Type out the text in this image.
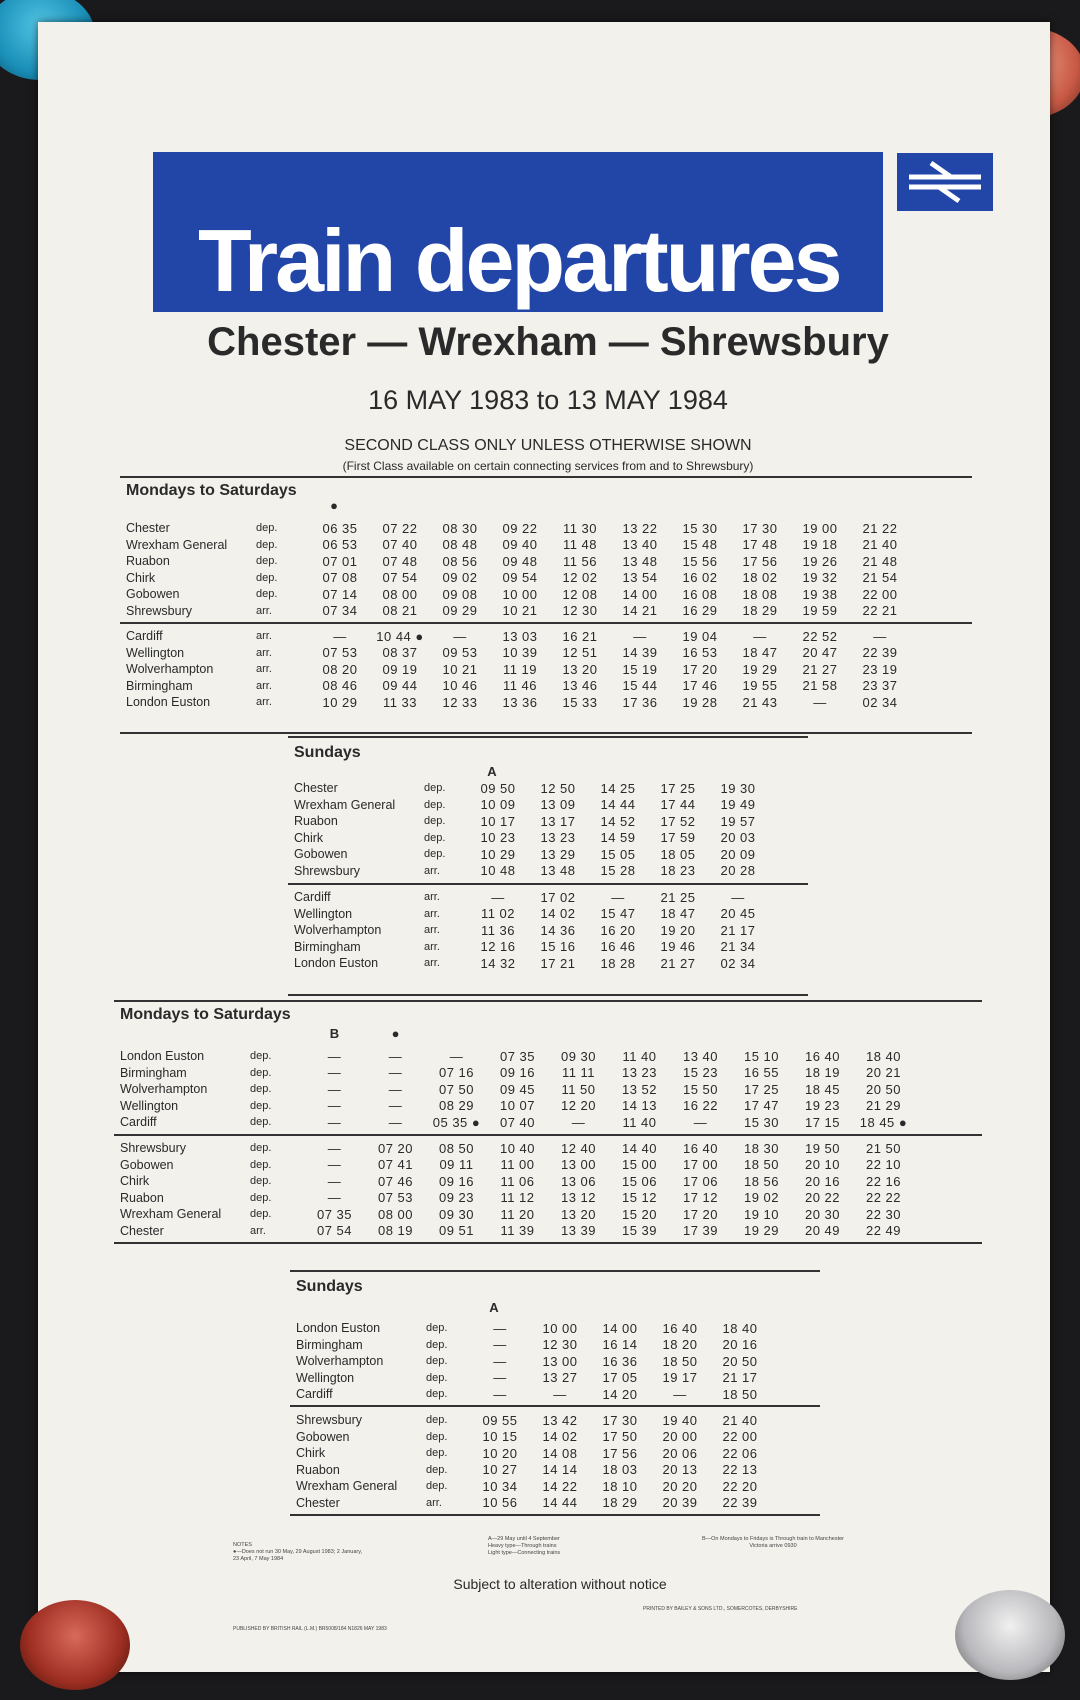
Train departures
Chester — Wrexham — Shrewsbury
16 MAY 1983 to 13 MAY 1984
SECOND CLASS ONLY UNLESS OTHERWISE SHOWN
(First Class available on certain connecting services from and to Shrewsbury)
Mondays to Saturdays
●
Chester	dep.	06 35	07 22	08 30	09 22	11 30	13 22	15 30	17 30	19 00	21 22
Wrexham General	dep.	06 53	07 40	08 48	09 40	11 48	13 40	15 48	17 48	19 18	21 40
Ruabon	dep.	07 01	07 48	08 56	09 48	11 56	13 48	15 56	17 56	19 26	21 48
Chirk	dep.	07 08	07 54	09 02	09 54	12 02	13 54	16 02	18 02	19 32	21 54
Gobowen	dep.	07 14	08 00	09 08	10 00	12 08	14 00	16 08	18 08	19 38	22 00
Shrewsbury	arr.	07 34	08 21	09 29	10 21	12 30	14 21	16 29	18 29	19 59	22 21
Cardiff	arr.	—	10 44 ●	—	13 03	16 21	—	19 04	—	22 52	—
Wellington	arr.	07 53	08 37	09 53	10 39	12 51	14 39	16 53	18 47	20 47	22 39
Wolverhampton	arr.	08 20	09 19	10 21	11 19	13 20	15 19	17 20	19 29	21 27	23 19
Birmingham	arr.	08 46	09 44	10 46	11 46	13 46	15 44	17 46	19 55	21 58	23 37
London Euston	arr.	10 29	11 33	12 33	13 36	15 33	17 36	19 28	21 43	—	02 34
Sundays
A
Chester	dep.	09 50	12 50	14 25	17 25	19 30
Wrexham General	dep.	10 09	13 09	14 44	17 44	19 49
Ruabon	dep.	10 17	13 17	14 52	17 52	19 57
Chirk	dep.	10 23	13 23	14 59	17 59	20 03
Gobowen	dep.	10 29	13 29	15 05	18 05	20 09
Shrewsbury	arr.	10 48	13 48	15 28	18 23	20 28
Cardiff	arr.	—	17 02	—	21 25	—
Wellington	arr.	11 02	14 02	15 47	18 47	20 45
Wolverhampton	arr.	11 36	14 36	16 20	19 20	21 17
Birmingham	arr.	12 16	15 16	16 46	19 46	21 34
London Euston	arr.	14 32	17 21	18 28	21 27	02 34
Mondays to Saturdays
B	●
London Euston	dep.	—	—	—	07 35	09 30	11 40	13 40	15 10	16 40	18 40
Birmingham	dep.	—	—	07 16	09 16	11 11	13 23	15 23	16 55	18 19	20 21
Wolverhampton	dep.	—	—	07 50	09 45	11 50	13 52	15 50	17 25	18 45	20 50
Wellington	dep.	—	—	08 29	10 07	12 20	14 13	16 22	17 47	19 23	21 29
Cardiff	dep.	—	—	05 35 ●	07 40	—	11 40	—	15 30	17 15	18 45 ●
Shrewsbury	dep.	—	07 20	08 50	10 40	12 40	14 40	16 40	18 30	19 50	21 50
Gobowen	dep.	—	07 41	09 11	11 00	13 00	15 00	17 00	18 50	20 10	22 10
Chirk	dep.	—	07 46	09 16	11 06	13 06	15 06	17 06	18 56	20 16	22 16
Ruabon	dep.	—	07 53	09 23	11 12	13 12	15 12	17 12	19 02	20 22	22 22
Wrexham General	dep.	07 35	08 00	09 30	11 20	13 20	15 20	17 20	19 10	20 30	22 30
Chester	arr.	07 54	08 19	09 51	11 39	13 39	15 39	17 39	19 29	20 49	22 49
Sundays
A
London Euston	dep.	—	10 00	14 00	16 40	18 40
Birmingham	dep.	—	12 30	16 14	18 20	20 16
Wolverhampton	dep.	—	13 00	16 36	18 50	20 50
Wellington	dep.	—	13 27	17 05	19 17	21 17
Cardiff	dep.	—	—	14 20	—	18 50
Shrewsbury	dep.	09 55	13 42	17 30	19 40	21 40
Gobowen	dep.	10 15	14 02	17 50	20 00	22 00
Chirk	dep.	10 20	14 08	17 56	20 06	22 06
Ruabon	dep.	10 27	14 14	18 03	20 13	22 13
Wrexham General	dep.	10 34	14 22	18 10	20 20	22 20
Chester	arr.	10 56	14 44	18 29	20 39	22 39
NOTES
●—Does not run 30 May, 29 August 1983; 2 January, 23 April, 7 May 1984
A—29 May until 4 September
Heavy type—Through trains
Light type—Connecting trains
B—On Mondays to Fridays is Through train to Manchester Victoria arrive 0930
Subject to alteration without notice
PUBLISHED BY BRITISH RAIL (L.M.) BR5008/184 N1826 MAY 1983
PRINTED BY BAILEY & SONS LTD., SOMERCOTES, DERBYSHIRE
